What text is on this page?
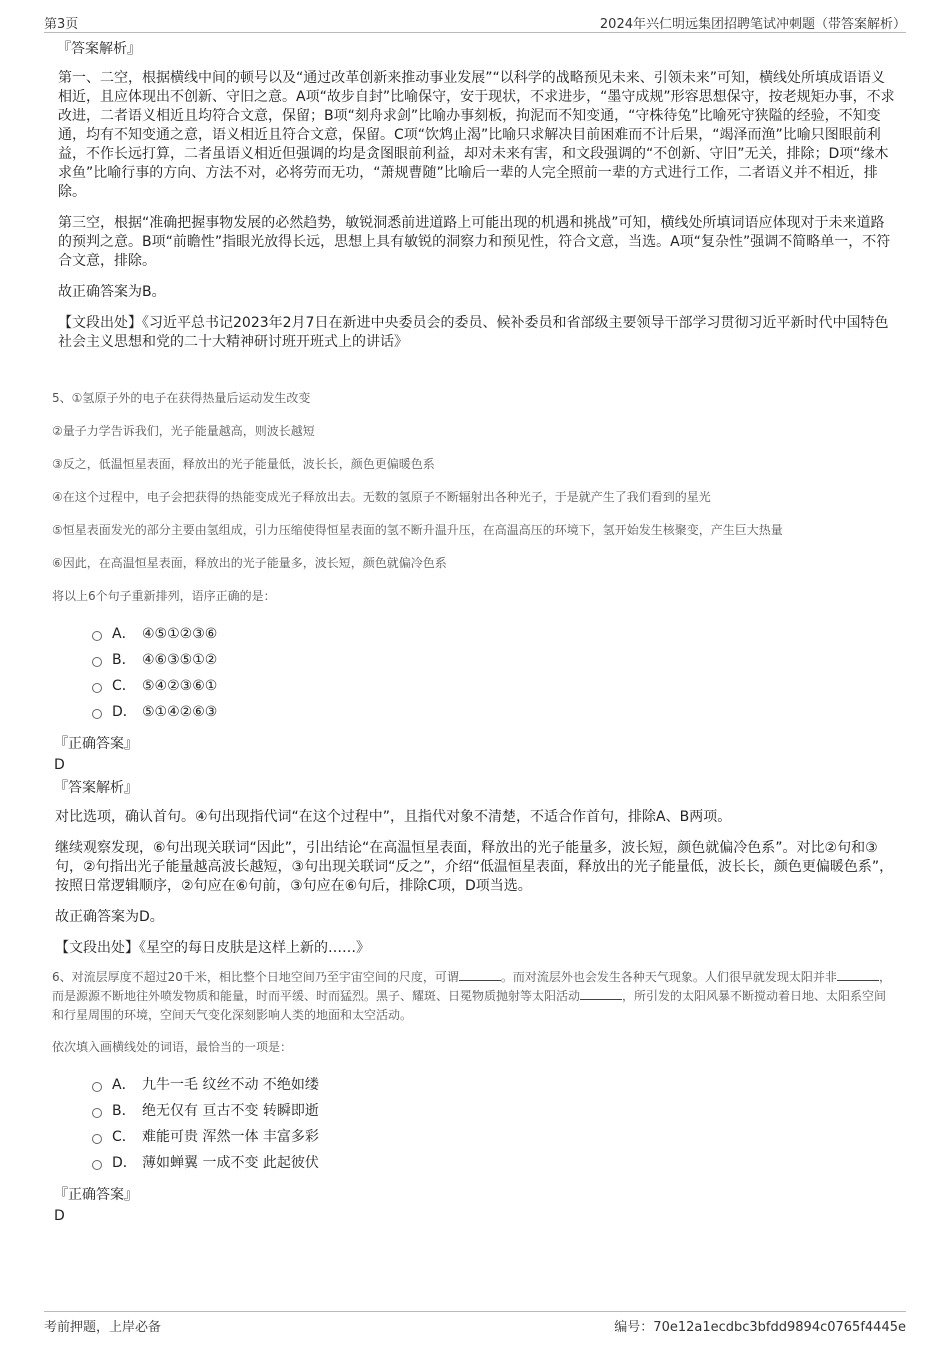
第3页	2024年兴仁明远集团招聘笔试冲刺题（带答案解析）
『答案解析』

第一、二空，根据横线中间的顿号以及“通过改革创新来推动事业发展”“以科学的战略预见未来、引领未来”可知，横线处所填成语语义相近，且应体现出不创新、守旧之意。A项“故步自封”比喻保守，安于现状，不求进步，“墨守成规”形容思想保守，按老规矩办事，不求改进，二者语义相近且均符合文意，保留；B项“刻舟求剑”比喻办事刻板，拘泥而不知变通，“守株待兔”比喻死守狭隘的经验，不知变通，均有不知变通之意，语义相近且符合文意，保留。C项“饮鸩止渴”比喻只求解决目前困难而不计后果，“竭泽而渔”比喻只图眼前利益，不作长远打算，二者虽语义相近但强调的均是贪图眼前利益，却对未来有害，和文段强调的“不创新、守旧”无关，排除；D项“缘木求鱼”比喻行事的方向、方法不对，必将劳而无功，“萧规曹随”比喻后一辈的人完全照前一辈的方式进行工作，二者语义并不相近，排除。

第三空，根据“准确把握事物发展的必然趋势，敏锐洞悉前进道路上可能出现的机遇和挑战”可知，横线处所填词语应体现对于未来道路的预判之意。B项“前瞻性”指眼光放得长远，思想上具有敏锐的洞察力和预见性，符合文意，当选。A项“复杂性”强调不简略单一，不符合文意，排除。

故正确答案为B。

【文段出处】《习近平总书记2023年2月7日在新进中央委员会的委员、候补委员和省部级主要领导干部学习贯彻习近平新时代中国特色社会主义思想和党的二十大精神研讨班开班式上的讲话》

5、①氢原子外的电子在获得热量后运动发生改变
②量子力学告诉我们，光子能量越高，则波长越短
③反之，低温恒星表面，释放出的光子能量低，波长长，颜色更偏暖色系
④在这个过程中，电子会把获得的热能变成光子释放出去。无数的氢原子不断辐射出各种光子，于是就产生了我们看到的星光
⑤恒星表面发光的部分主要由氢组成，引力压缩使得恒星表面的氢不断升温升压，在高温高压的环境下，氢开始发生核聚变，产生巨大热量
⑥因此，在高温恒星表面，释放出的光子能量多，波长短，颜色就偏冷色系
将以上6个句子重新排列，语序正确的是：
A． ④⑤①②③⑥
B． ④⑥③⑤①②
C． ⑤④②③⑥①
D． ⑤①④②⑥③
『正确答案』
D
『答案解析』

对比选项，确认首句。④句出现指代词“在这个过程中”，且指代对象不清楚，不适合作首句，排除A、B两项。

继续观察发现，⑥句出现关联词“因此”，引出结论“在高温恒星表面，释放出的光子能量多，波长短，颜色就偏冷色系”。对比②句和③句，②句指出光子能量越高波长越短，③句出现关联词“反之”，介绍“低温恒星表面，释放出的光子能量低，波长长，颜色更偏暖色系”，按照日常逻辑顺序，②句应在⑥句前，③句应在⑥句后，排除C项，D项当选。

故正确答案为D。

【文段出处】《星空的每日皮肤是这样上新的……》

6、对流层厚度不超过20千米，相比整个日地空间乃至宇宙空间的尺度，可谓	。而对流层外也会发生各种天气现象。人们很早就发现太阳并非	，而是源源不断地往外喷发物质和能量，时而平缓、时而猛烈。黑子、耀斑、日冕物质抛射等太阳活动	，所引发的太阳风暴不断搅动着日地、太阳系空间和行星周围的环境，空间天气变化深刻影响人类的地面和太空活动。

依次填入画横线处的词语，最恰当的一项是：
A． 九牛一毛 纹丝不动 不绝如缕
B． 绝无仅有 亘古不变 转瞬即逝
C． 难能可贵 浑然一体 丰富多彩
D． 薄如蝉翼 一成不变 此起彼伏
『正确答案』
D
考前押题，上岸必备	编号：70e12a1ecdbc3bfdd9894c0765f4445e
